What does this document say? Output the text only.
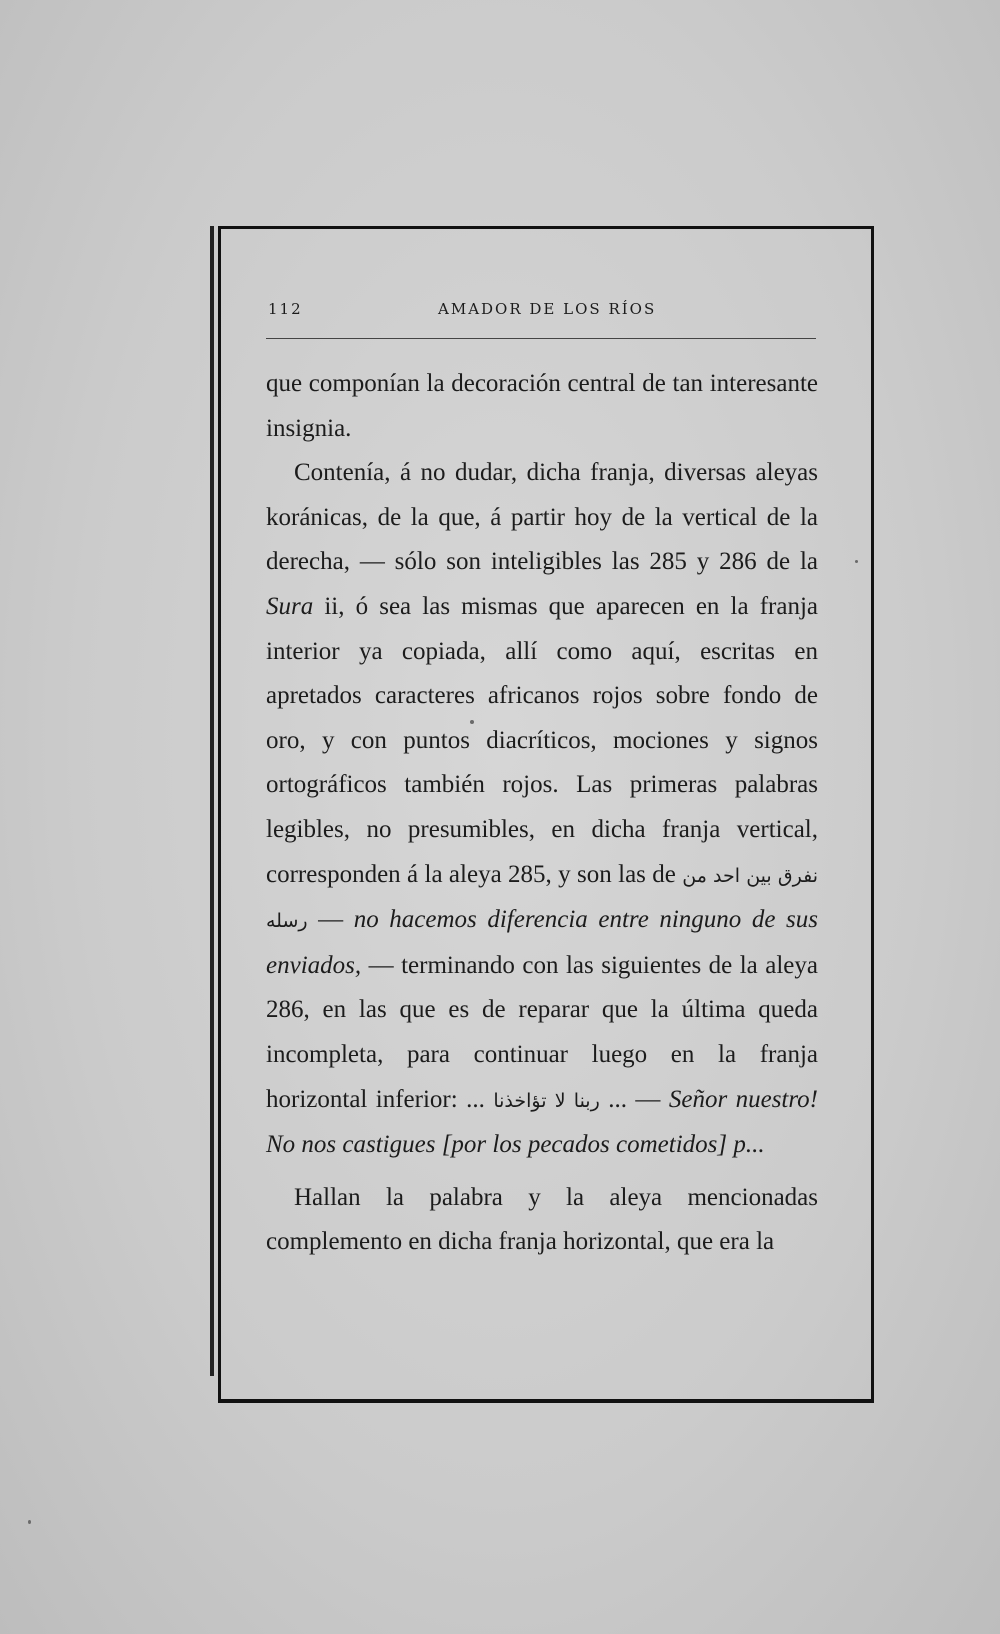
112	AMADOR DE LOS RÍOS

que componían la decoración central de tan interesante insignia.

Contenía, á no dudar, dicha franja, diversas aleyas koránicas, de la que, á partir hoy de la vertical de la derecha, — sólo son inteligibles las 285 y 286 de la Sura ii, ó sea las mismas que aparecen en la franja interior ya copiada, allí como aquí, escritas en apretados caracteres africanos rojos sobre fondo de oro, y con puntos diacríticos, mociones y signos ortográficos también rojos. Las primeras palabras legibles, no presumibles, en dicha franja vertical, corresponden á la aleya 285, y son las de نفرق بين احد من رسله — no hacemos diferencia entre ninguno de sus enviados, — terminando con las siguientes de la aleya 286, en las que es de reparar que la última queda incompleta, para continuar luego en la franja horizontal inferior: ... ربنا لا تؤاخذنا ... — Señor nuestro! No nos castigues [por los pecados cometidos] p...

Hallan la palabra y la aleya mencionadas complemento en dicha franja horizontal, que era la
